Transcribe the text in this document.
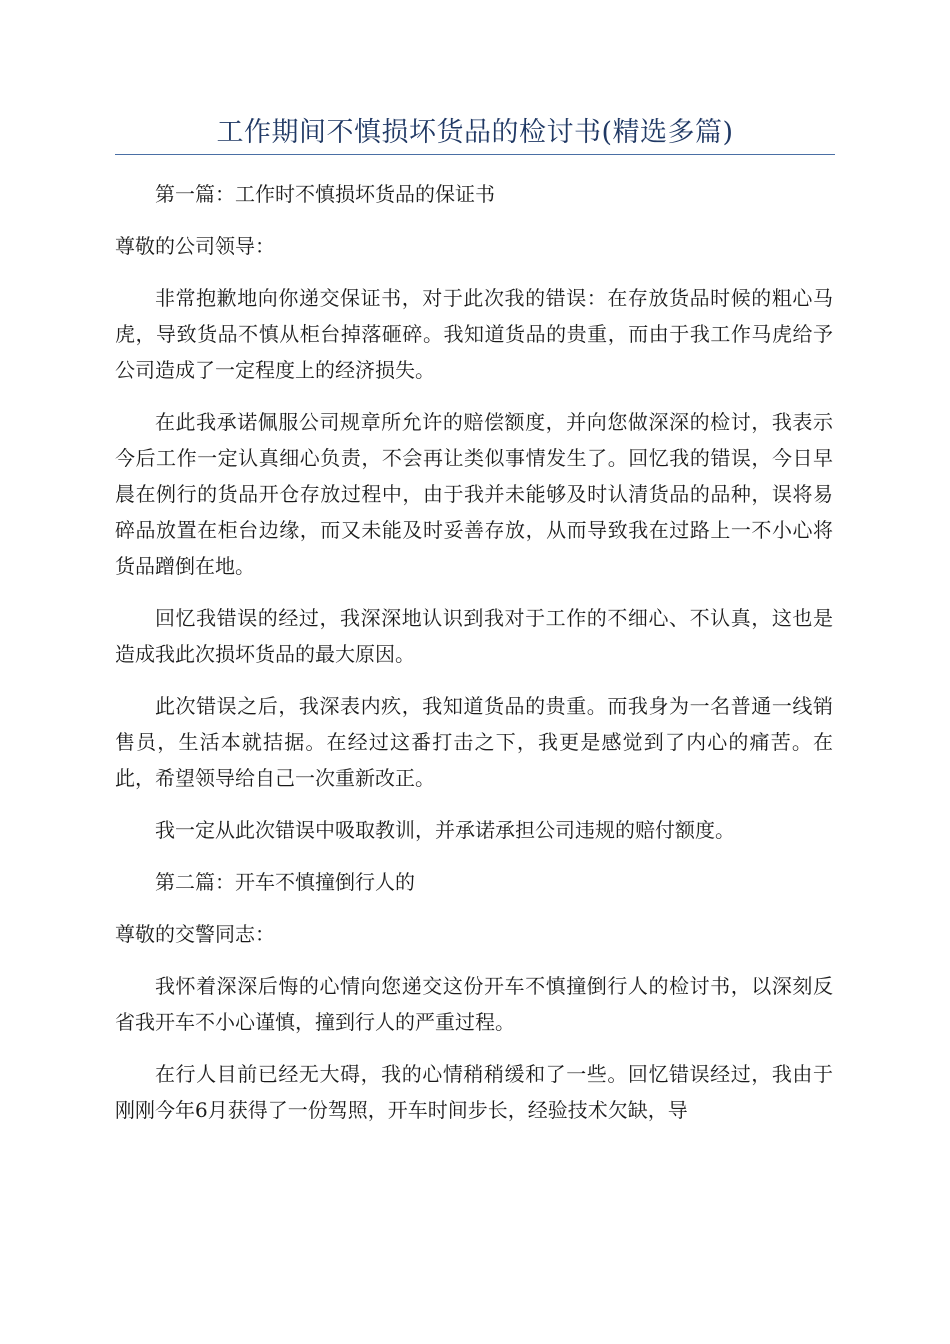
工作期间不慎损坏货品的检讨书(精选多篇)

第一篇：工作时不慎损坏货品的保证书

尊敬的公司领导：

非常抱歉地向你递交保证书，对于此次我的错误：在存放货品时候的粗心马虎，导致货品不慎从柜台掉落砸碎。我知道货品的贵重，而由于我工作马虎给予公司造成了一定程度上的经济损失。

在此我承诺佩服公司规章所允许的赔偿额度，并向您做深深的检讨，我表示今后工作一定认真细心负责，不会再让类似事情发生了。回忆我的错误，今日早晨在例行的货品开仓存放过程中，由于我并未能够及时认清货品的品种，误将易碎品放置在柜台边缘，而又未能及时妥善存放，从而导致我在过路上一不小心将货品蹭倒在地。

回忆我错误的经过，我深深地认识到我对于工作的不细心、不认真，这也是造成我此次损坏货品的最大原因。

此次错误之后，我深表内疚，我知道货品的贵重。而我身为一名普通一线销售员，生活本就拮据。在经过这番打击之下，我更是感觉到了内心的痛苦。在此，希望领导给自己一次重新改正。

我一定从此次错误中吸取教训，并承诺承担公司违规的赔付额度。

第二篇：开车不慎撞倒行人的

尊敬的交警同志：

我怀着深深后悔的心情向您递交这份开车不慎撞倒行人的检讨书，以深刻反省我开车不小心谨慎，撞到行人的严重过程。

在行人目前已经无大碍，我的心情稍稍缓和了一些。回忆错误经过，我由于刚刚今年6月获得了一份驾照，开车时间步长，经验技术欠缺，导
